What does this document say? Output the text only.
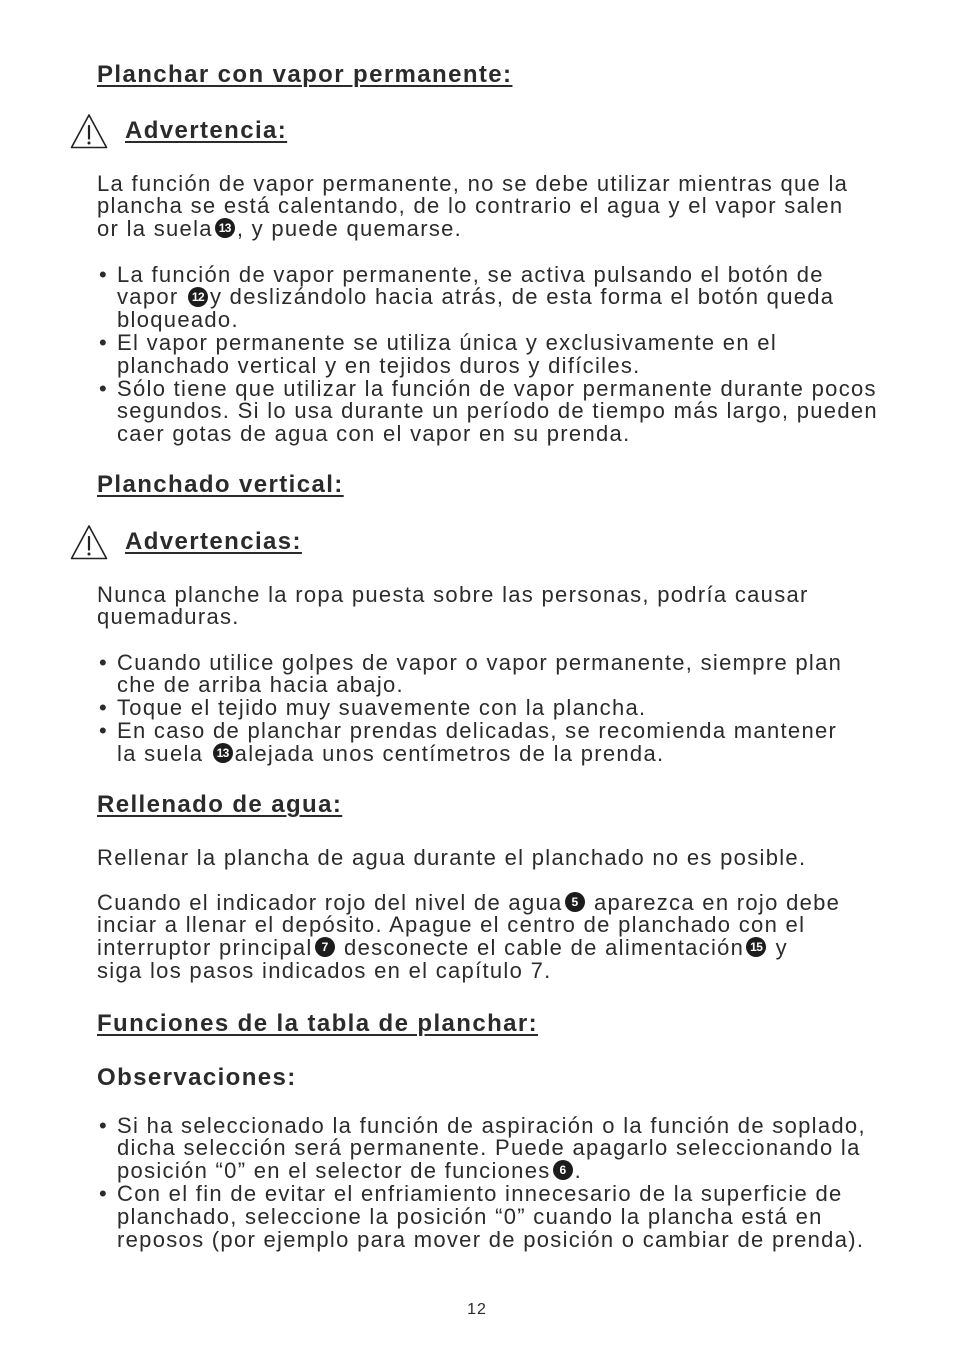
Planchar con vapor permanente:
Advertencia:
La función de vapor permanente, no se debe utilizar mientras que la
plancha se está calentando, de lo contrario el agua y el vapor salen
or la suela 13 , y puede quemarse.
• La función de vapor permanente, se activa pulsando el botón de
vapor 12 y deslizándolo hacia atrás, de esta forma el botón queda
bloqueado.
• El vapor permanente se utiliza única y exclusivamente en el
planchado vertical y en tejidos duros y difíciles.
• Sólo tiene que utilizar la función de vapor permanente durante pocos
segundos. Si lo usa durante un período de tiempo más largo, pueden
caer gotas de agua con el vapor en su prenda.
Planchado vertical:
Advertencias:
Nunca planche la ropa puesta sobre las personas, podría causar
quemaduras.
• Cuando utilice golpes de vapor o vapor permanente, siempre plan
che de arriba hacia abajo.
• Toque el tejido muy suavemente con la plancha.
• En caso de planchar prendas delicadas, se recomienda mantener
la suela 13 alejada unos centímetros de la prenda.
Rellenado de agua:
Rellenar la plancha de agua durante el planchado no es posible.
Cuando el indicador rojo del nivel de agua 5 aparezca en rojo debe
inciar a llenar el depósito. Apague el centro de planchado con el
interruptor principal 7 desconecte el cable de alimentación 15 y
siga los pasos indicados en el capítulo 7.
Funciones de la tabla de planchar:
Observaciones:
• Si ha seleccionado la función de aspiración o la función de soplado,
dicha selección será permanente. Puede apagarlo seleccionando la
posición “0” en el selector de funciones 6 .
• Con el fin de evitar el enfriamiento innecesario de la superficie de
planchado, seleccione la posición “0” cuando la plancha está en
reposos (por ejemplo para mover de posición o cambiar de prenda).
12
